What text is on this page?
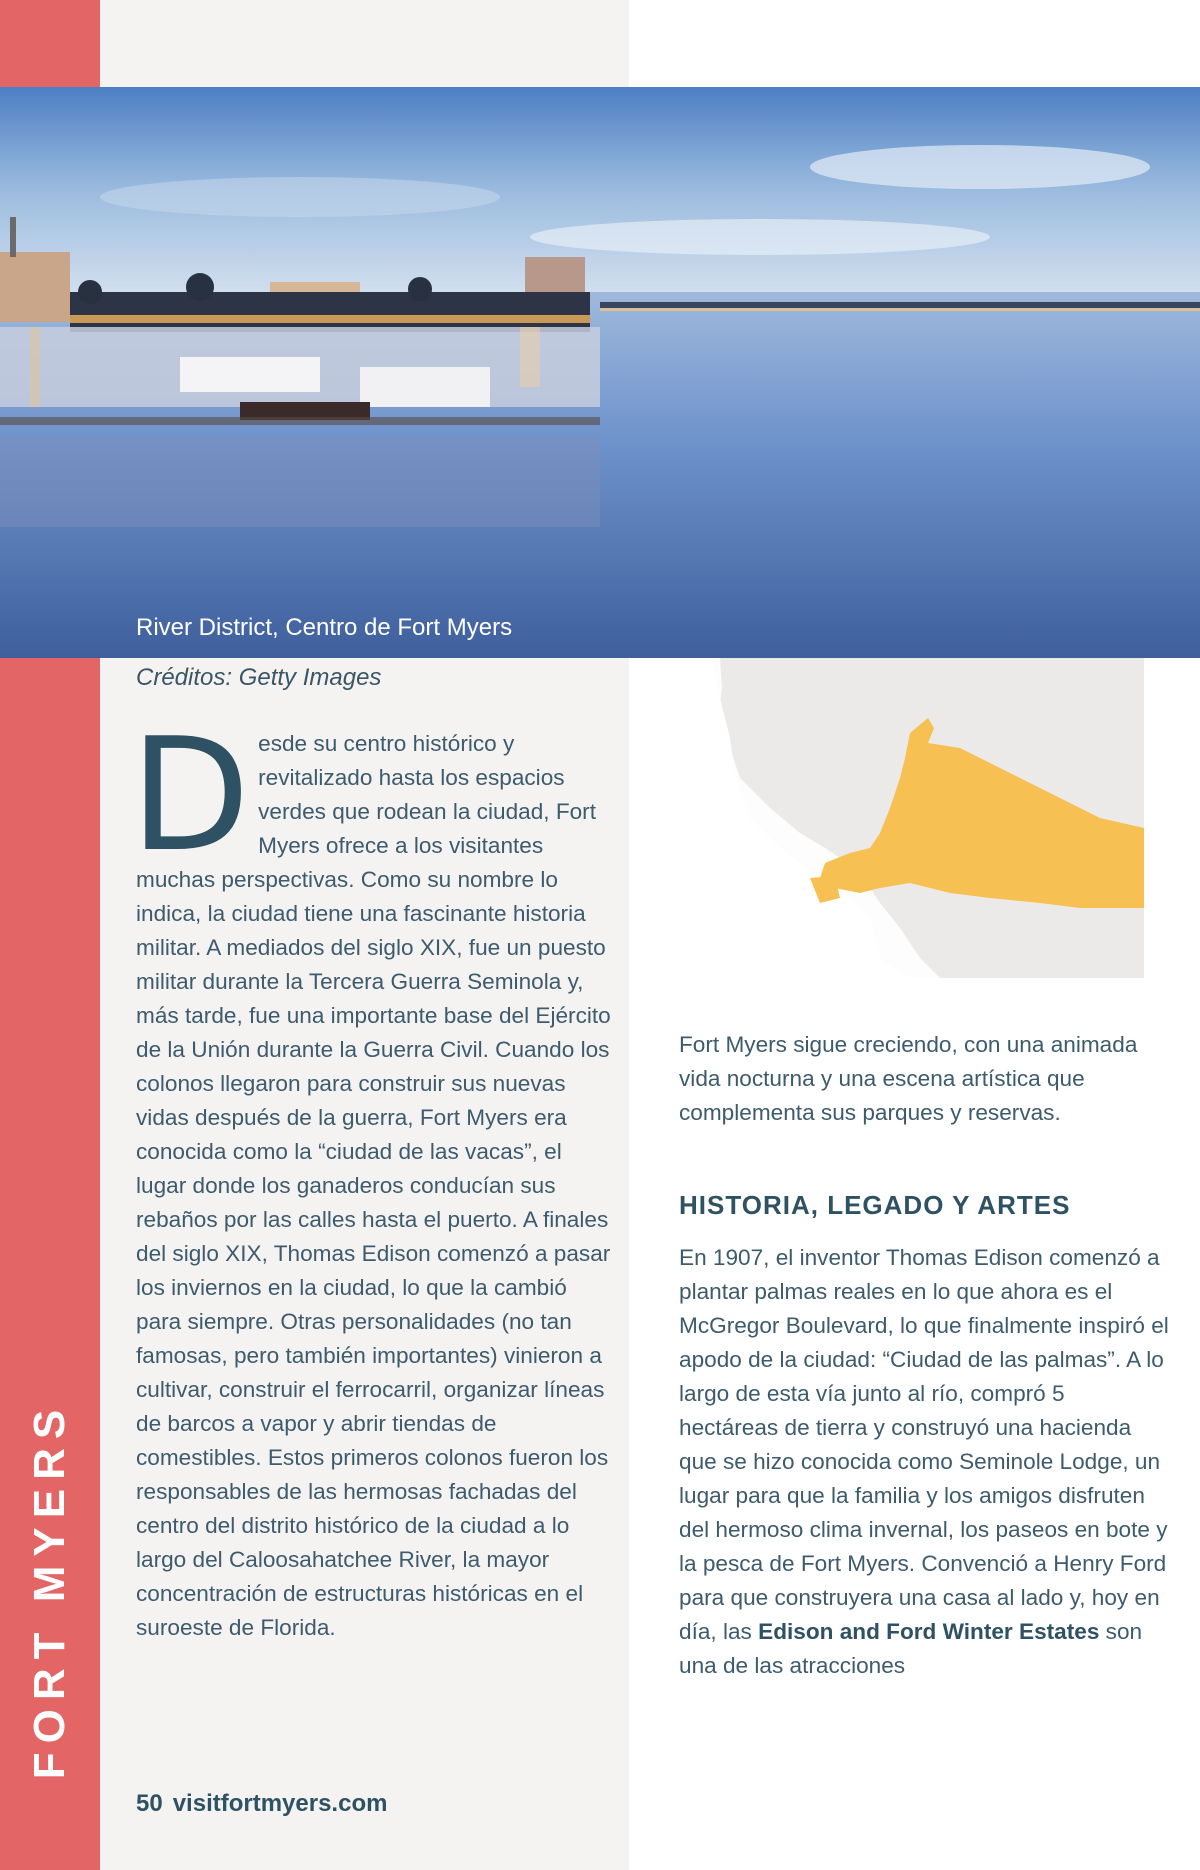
FORT MYERS
River District, Centro de Fort Myers
Créditos: Getty Images
D esde su centro histórico y revitalizado hasta los espacios verdes que rodean la ciudad, Fort Myers ofrece a los visitantes muchas perspectivas. Como su nombre lo indica, la ciudad tiene una fascinante historia militar. A mediados del siglo XIX, fue un puesto militar durante la Tercera Guerra Seminola y, más tarde, fue una importante base del Ejército de la Unión durante la Guerra Civil. Cuando los colonos llegaron para construir sus nuevas vidas después de la guerra, Fort Myers era conocida como la “ciudad de las vacas”, el lugar donde los ganaderos conducían sus rebaños por las calles hasta el puerto. A finales del siglo XIX, Thomas Edison comenzó a pasar los inviernos en la ciudad, lo que la cambió para siempre. Otras personalidades (no tan famosas, pero también importantes) vinieron a cultivar, construir el ferrocarril, organizar líneas de barcos a vapor y abrir tiendas de comestibles. Estos primeros colonos fueron los responsables de las hermosas fachadas del centro del distrito histórico de la ciudad a lo largo del Caloosahatchee River, la mayor concentración de estructuras históricas en el suroeste de Florida.

Fort Myers sigue creciendo, con una animada vida nocturna y una escena artística que complementa sus parques y reservas.

HISTORIA, LEGADO Y ARTES

En 1907, el inventor Thomas Edison comenzó a plantar palmas reales en lo que ahora es el McGregor Boulevard, lo que finalmente inspiró el apodo de la ciudad: “Ciudad de las palmas”. A lo largo de esta vía junto al río, compró 5 hectáreas de tierra y construyó una hacienda que se hizo conocida como Seminole Lodge, un lugar para que la familia y los amigos disfruten del hermoso clima invernal, los paseos en bote y la pesca de Fort Myers. Convenció a Henry Ford para que construyera una casa al lado y, hoy en día, las Edison and Ford Winter Estates son una de las atracciones

50 visitfortmyers.com
